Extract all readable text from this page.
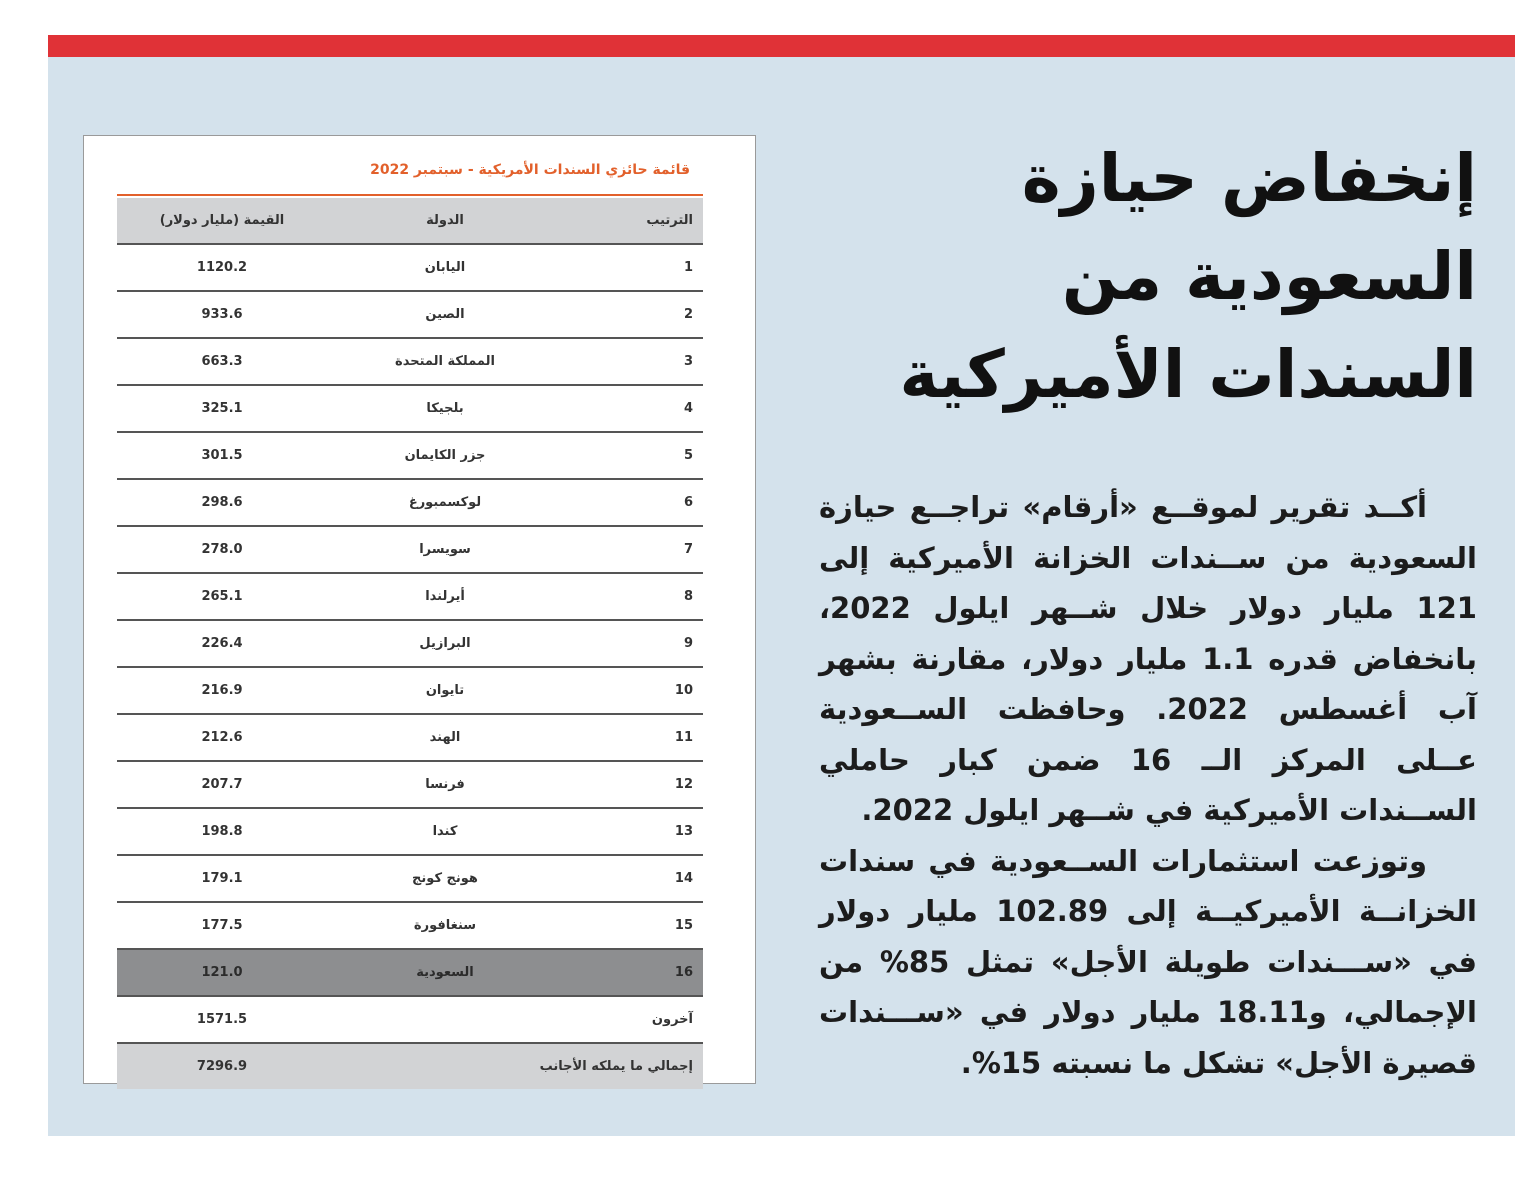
إنخفاض حيازة السعودية من السندات الأميركية

أكــد تقرير لموقــع «أرقام» تراجــع حيازة السعودية من ســندات الخزانة الأميركية إلى 121 مليار دولار خلال شــهر ايلول 2022، بانخفاض قدره 1.1 مليار دولار، مقارنة بشهر آب أغسطس 2022. وحافظت الســعودية عــلى المركز الــ 16 ضمن كبار حاملي الســندات الأميركية في شــهر ايلول 2022.

وتوزعت استثمارات الســعودية في سندات الخزانــة الأميركيــة إلى 102.89 مليار دولار في «ســـندات طويلة الأجل» تمثل 85% من الإجمالي، و18.11 مليار دولار في «ســـندات قصيرة الأجل» تشكل ما نسبته 15%.

قائمة حائزي السندات الأمريكية - سبتمبر 2022
الترتيب
الدولة
القيمة (مليار دولار)
1
اليابان
1120.2
2
الصين
933.6
3
المملكة المتحدة
663.3
4
بلجيكا
325.1
5
جزر الكايمان
301.5
6
لوكسمبورغ
298.6
7
سويسرا
278.0
8
أيرلندا
265.1
9
البرازيل
226.4
10
تايوان
216.9
11
الهند
212.6
12
فرنسا
207.7
13
كندا
198.8
14
هونج كونج
179.1
15
سنغافورة
177.5
16
السعودية
121.0
آخرون
1571.5
إجمالي ما يملكه الأجانب
7296.9
